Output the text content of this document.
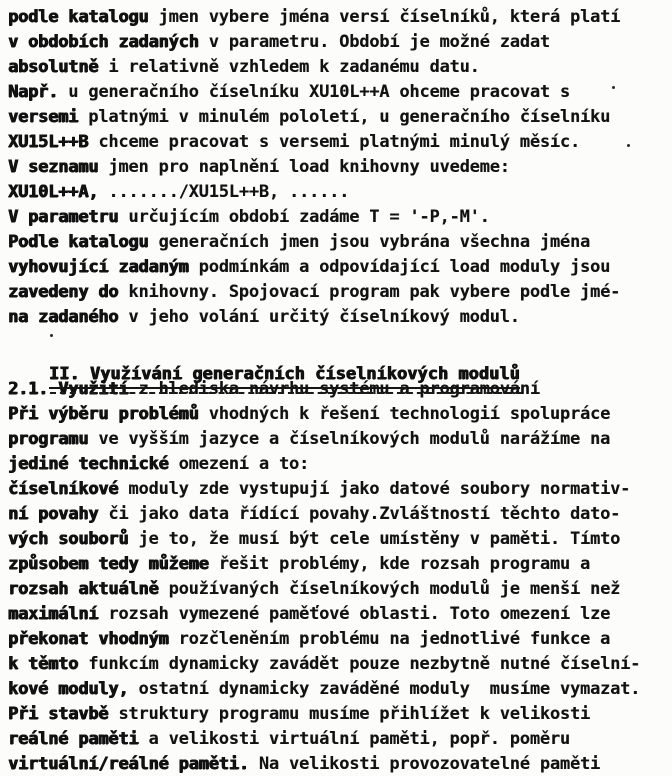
podle katalogu jmen vybere jména versí číselníků, která platí
v obdobích zadaných v parametru. Období je možné zadat
absolutně i relativně vzhledem k zadanému datu.
Např. u generačního číselníku XU10L++A ohceme pracovat s
versemi platnými v minulém pololetí, u generačního číselníku
XU15L++B chceme pracovat s versemi platnými minulý měsíc.
V seznamu jmen pro naplnění load knihovny uvedeme:
XU10L++A, ......./XU15L++B, ......
V parametru určujícím období zadáme T = '-P,-M'.
Podle katalogu generačních jmen jsou vybrána všechna jména
vyhovující zadaným podmínkám a odpovídající load moduly jsou
zavedeny do knihovny. Spojovací program pak vybere podle jmé-
na zadaného v jeho volání určitý číselníkový modul.

II. Využívání generačních číselníkových modulů

2.1. Využití z hlediska návrhu systému a programování
Při výběru problémů vhodných k řešení technologií spolupráce
programu ve vyšším jazyce a číselníkových modulů narážíme na
jediné technické omezení a to:
číselníkové moduly zde vystupují jako datové soubory normativ-
ní povahy či jako data řídící povahy.Zvláštností těchto dato-
vých souborů je to, že musí být cele umístěny v paměti. Tímto
způsobem tedy můžeme řešit problémy, kde rozsah programu a
rozsah aktuálně používaných číselníkových modulů je menší než
maximální rozsah vymezené paměťové oblasti. Toto omezení lze
překonat vhodným rozčleněním problému na jednotlivé funkce a
k těmto funkcím dynamicky zavádět pouze nezbytně nutné číselní-
kové moduly, ostatní dynamicky zaváděné moduly  musíme vymazat.
Při stavbě struktury programu musíme přihlížet k velikosti
reálné paměti a velikosti virtuální paměti, popř. poměru
virtuální/reálné paměti. Na velikosti provozovatelné paměti
